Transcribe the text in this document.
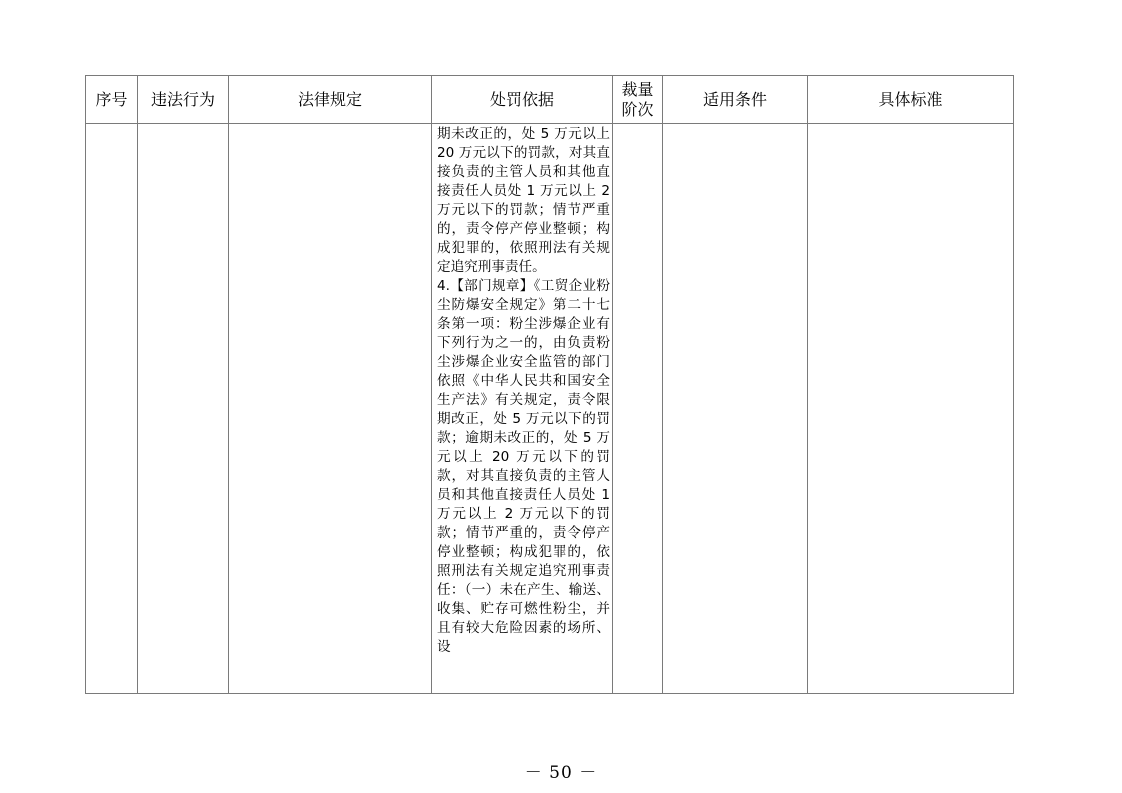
序号	违法行为	法律规定	处罚依据	裁量阶次	适用条件	具体标准

			期未改正的，处 5 万元以上 20 万元以下的罚款，对其直接负责的主管人员和其他直接责任人员处 1 万元以上 2 万元以下的罚款；情节严重的，责令停产停业整顿；构成犯罪的，依照刑法有关规定追究刑事责任。
4.【部门规章】《工贸企业粉尘防爆安全规定》第二十七条第一项：粉尘涉爆企业有下列行为之一的，由负责粉尘涉爆企业安全监管的部门依照《中华人民共和国安全生产法》有关规定，责令限期改正，处 5 万元以下的罚款；逾期未改正的，处 5 万元以上 20 万元以下的罚款，对其直接负责的主管人员和其他直接责任人员处 1 万元以上 2 万元以下的罚款；情节严重的，责令停产停业整顿；构成犯罪的，依照刑法有关规定追究刑事责任：（一）未在产生、输送、收集、贮存可燃性粉尘，并且有较大危险因素的场所、设			

－ 50 －
